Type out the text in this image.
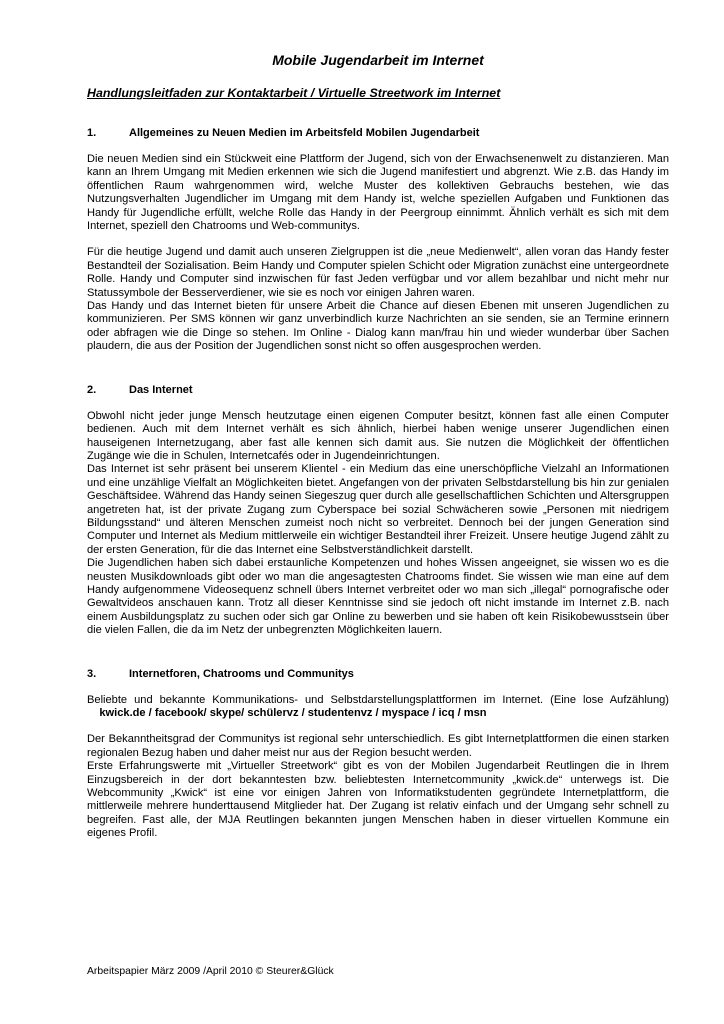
Mobile Jugendarbeit im Internet
Handlungsleitfaden zur Kontaktarbeit / Virtuelle Streetwork im Internet
1.	Allgemeines zu Neuen Medien im Arbeitsfeld Mobilen Jugendarbeit

Die neuen Medien sind ein Stückweit eine Plattform der Jugend, sich von der Erwachsenenwelt zu distanzieren. Man kann an Ihrem Umgang mit Medien erkennen wie sich die Jugend manifestiert und abgrenzt. Wie z.B. das Handy im öffentlichen Raum wahrgenommen wird, welche Muster des kollektiven Gebrauchs bestehen, wie das Nutzungsverhalten Jugendlicher im Umgang mit dem Handy ist, welche speziellen Aufgaben und Funktionen das Handy für Jugendliche erfüllt, welche Rolle das Handy in der Peergroup einnimmt. Ähnlich verhält es sich mit dem Internet, speziell den Chatrooms und Web-communitys.

Für die heutige Jugend und damit auch unseren Zielgruppen ist die „neue Medienwelt“, allen voran das Handy fester Bestandteil der Sozialisation. Beim Handy und Computer spielen Schicht oder Migration zunächst eine untergeordnete Rolle. Handy und Computer sind inzwischen für fast Jeden verfügbar und vor allem bezahlbar und nicht mehr nur Statussymbole der Besserverdiener, wie sie es noch vor einigen Jahren waren.

Das Handy und das Internet bieten für unsere Arbeit die Chance auf diesen Ebenen mit unseren Jugendlichen zu kommunizieren. Per SMS können wir ganz unverbindlich kurze Nachrichten an sie senden, sie an Termine erinnern oder abfragen wie die Dinge so stehen. Im Online - Dialog kann man/frau hin und wieder wunderbar über Sachen plaudern, die aus der Position der Jugendlichen sonst nicht so offen ausgesprochen werden.

2.	Das Internet

Obwohl nicht jeder junge Mensch heutzutage einen eigenen Computer besitzt, können fast alle einen Computer bedienen. Auch mit dem Internet verhält es sich ähnlich, hierbei haben wenige unserer Jugendlichen einen hauseigenen Internetzugang, aber fast alle kennen sich damit aus. Sie nutzen die Möglichkeit der öffentlichen Zugänge wie die in Schulen, Internetcafés oder in Jugendeinrichtungen.

Das Internet ist sehr präsent bei unserem Klientel - ein Medium das eine unerschöpfliche Vielzahl an Informationen und eine unzählige Vielfalt an Möglichkeiten bietet. Angefangen von der privaten Selbstdarstellung bis hin zur genialen Geschäftsidee. Während das Handy seinen Siegeszug quer durch alle gesellschaftlichen Schichten und Altersgruppen angetreten hat, ist der private Zugang zum Cyberspace bei sozial Schwächeren sowie „Personen mit niedrigem Bildungsstand“ und älteren Menschen zumeist noch nicht so verbreitet. Dennoch bei der jungen Generation sind Computer und Internet als Medium mittlerweile ein wichtiger Bestandteil ihrer Freizeit. Unsere heutige Jugend zählt zu der ersten Generation, für die das Internet eine Selbstverständlichkeit darstellt.

Die Jugendlichen haben sich dabei erstaunliche Kompetenzen und hohes Wissen angeeignet, sie wissen wo es die neusten Musikdownloads gibt oder wo man die angesagtesten Chatrooms findet. Sie wissen wie man eine auf dem Handy aufgenommene Videosequenz schnell übers Internet verbreitet oder wo man sich „illegal“ pornografische oder Gewaltvideos anschauen kann. Trotz all dieser Kenntnisse sind sie jedoch oft nicht imstande im Internet z.B. nach einem Ausbildungsplatz zu suchen oder sich gar Online zu bewerben und sie haben oft kein Risikobewusstsein über die vielen Fallen, die da im Netz der unbegrenzten Möglichkeiten lauern.

3.	Internetforen, Chatrooms und Communitys

Beliebte und bekannte Kommunikations- und Selbstdarstellungsplattformen im Internet. (Eine lose Aufzählung)     kwick.de / facebook/ skype/ schülervz / studentenvz / myspace / icq / msn

Der Bekanntheitsgrad der Communitys ist regional sehr unterschiedlich. Es gibt Internetplattformen die einen starken regionalen Bezug haben und daher meist nur aus der Region besucht werden.

Erste Erfahrungswerte mit „Virtueller Streetwork“ gibt es von der Mobilen Jugendarbeit Reutlingen die in Ihrem Einzugsbereich in der dort bekanntesten bzw. beliebtesten Internetcommunity „kwick.de“ unterwegs ist. Die Webcommunity „Kwick“ ist eine vor einigen Jahren von Informatikstudenten gegründete Internetplattform, die mittlerweile mehrere hunderttausend Mitglieder hat. Der Zugang ist relativ einfach und der Umgang sehr schnell zu begreifen. Fast alle, der MJA Reutlingen bekannten jungen Menschen haben in dieser virtuellen Kommune ein eigenes Profil.

Arbeitspapier März 2009 /April 2010 © Steurer&Glück
